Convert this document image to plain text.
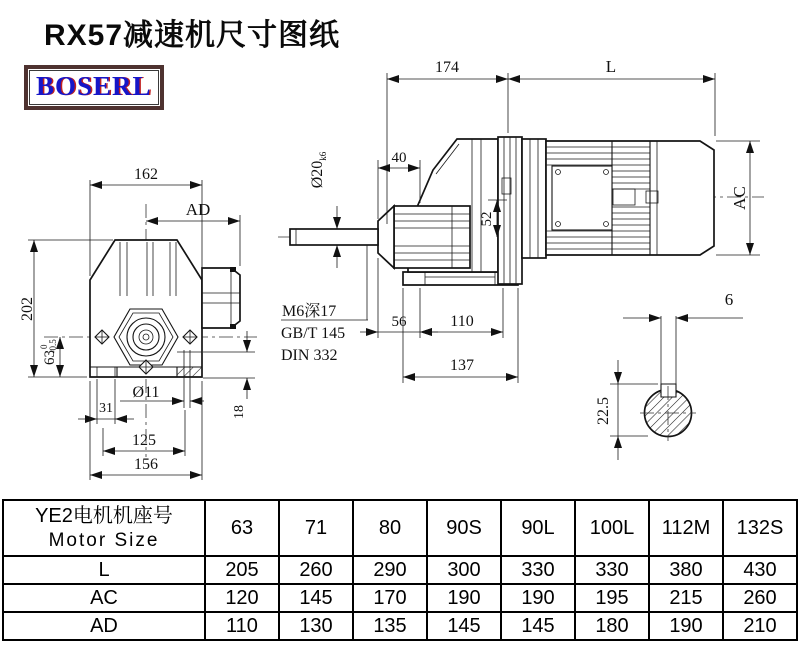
RX57减速机尺寸图纸
BOSERL
162
AD
202
$63^0-0.5$
31
Ø11
125
156
18
174	L
40
$Ø20_{k6}$
52
M6深17
GB/T 145
DIN 332
56	110
137
AC
6
22.5
YE2电机机座号
Motor Size	63	71	80	90S	90L	100L	112M	132S
L	205	260	290	300	330	330	380	430
AC	120	145	170	190	190	195	215	260
AD	110	130	135	145	145	180	190	210
